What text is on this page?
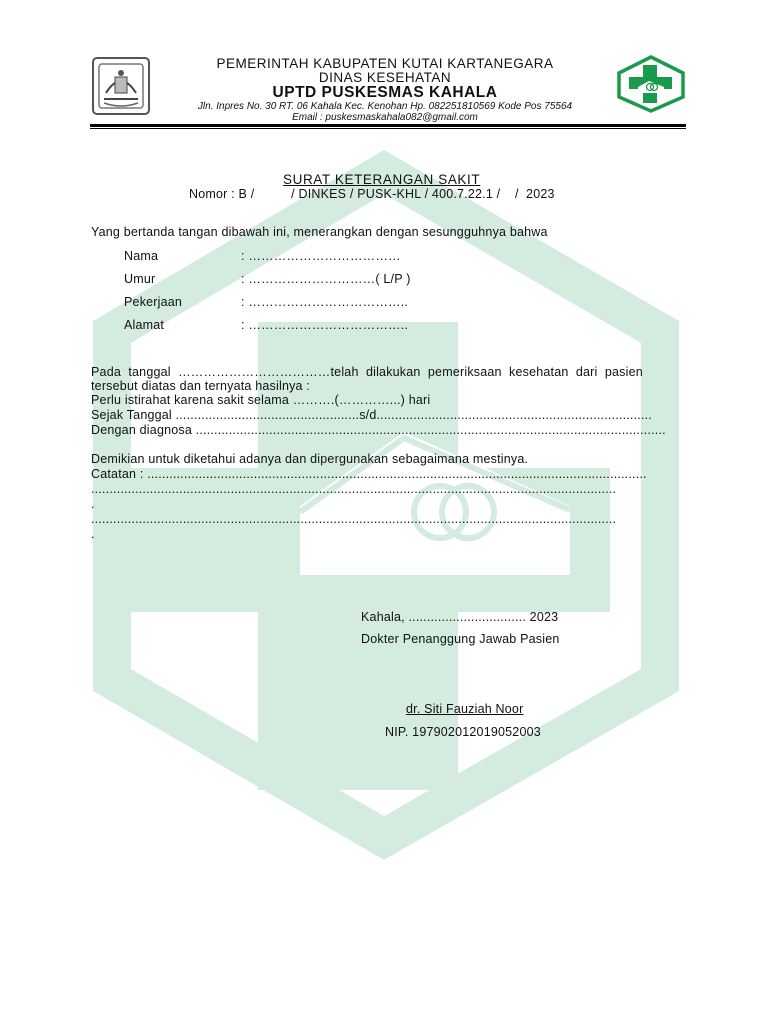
PEMERINTAH KABUPATEN KUTAI KARTANEGARA
DINAS KESEHATAN
UPTD PUSKESMAS KAHALA
Jln. Inpres No. 30 RT. 06 Kahala Kec. Kenohan Hp. 082251810569 Kode Pos 75564
Email : puskesmaskahala082@gmail.com
SURAT KETERANGAN SAKIT
Nomor : B /          / DINKES / PUSK-KHL / 400.7.22.1 /    /  2023
Yang bertanda tangan dibawah ini, menerangkan dengan sesungguhnya bahwa
Nama	: ………………………………
Umur	: …………………………( L/P )
Pekerjaan	: ………………………………..
Alamat	: ………………………………..
Pada  tanggal  ………………………………telah  dilakukan  pemeriksaan  kesehatan  dari  pasien
tersebut diatas dan ternyata hasilnya :
Perlu istirahat karena sakit selama ……….(…………...) hari
Sejak Tanggal ..................................................s/d...........................................................................
Dengan diagnosa ................................................................................................................................
Demikian untuk diketahui adanya dan dipergunakan sebagaimana mestinya.
Catatan : ........................................................................................................................................
...............................................................................................................................................
.
...............................................................................................................................................
.
Kahala, ................................ 2023
Dokter Penanggung Jawab Pasien
dr. Siti Fauziah Noor
NIP. 197902012019052003
